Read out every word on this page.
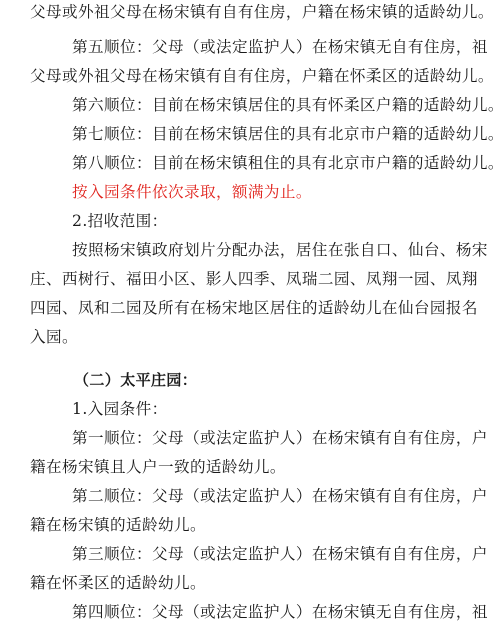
父母或外祖父母在杨宋镇有自有住房，户籍在杨宋镇的适龄幼儿。
第五顺位：父母（或法定监护人）在杨宋镇无自有住房，祖
父母或外祖父母在杨宋镇有自有住房，户籍在怀柔区的适龄幼儿。
第六顺位：目前在杨宋镇居住的具有怀柔区户籍的适龄幼儿。
第七顺位：目前在杨宋镇居住的具有北京市户籍的适龄幼儿。
第八顺位：目前在杨宋镇租住的具有北京市户籍的适龄幼儿。
按入园条件依次录取，额满为止。
2.招收范围：
按照杨宋镇政府划片分配办法，居住在张自口、仙台、杨宋
庄、西树行、福田小区、影人四季、凤瑞二园、凤翔一园、凤翔
四园、凤和二园及所有在杨宋地区居住的适龄幼儿在仙台园报名
入园。
（二）太平庄园：
1.入园条件：
第一顺位：父母（或法定监护人）在杨宋镇有自有住房，户
籍在杨宋镇且人户一致的适龄幼儿。
第二顺位：父母（或法定监护人）在杨宋镇有自有住房，户
籍在杨宋镇的适龄幼儿。
第三顺位：父母（或法定监护人）在杨宋镇有自有住房，户
籍在怀柔区的适龄幼儿。
第四顺位：父母（或法定监护人）在杨宋镇无自有住房，祖
